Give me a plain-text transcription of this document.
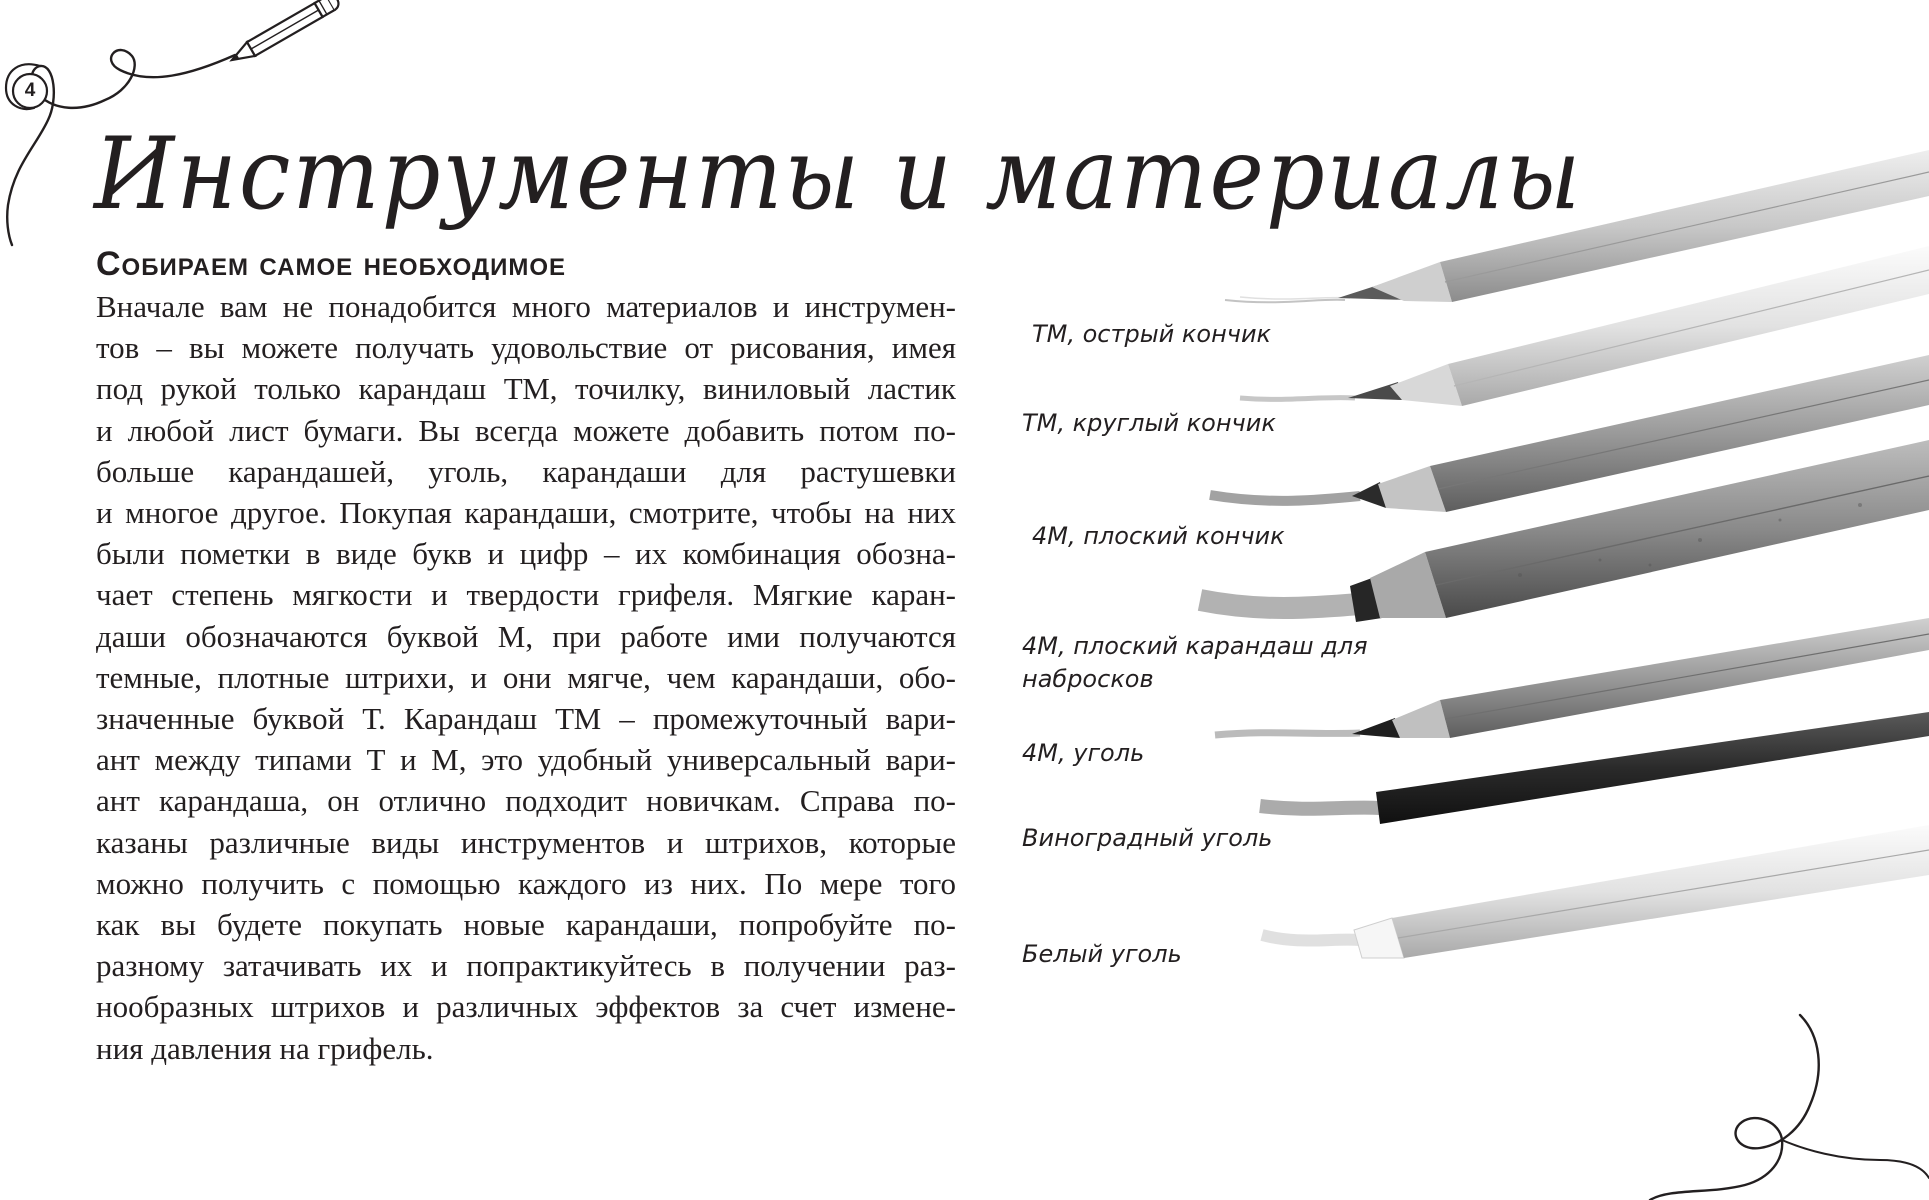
4
Инструменты и материалы
Собираем самое необходимое
Вначале вам не понадобится много материалов и инструмен-
тов – вы можете получать удовольствие от рисования, имея
под рукой только карандаш ТМ, точилку, виниловый ластик
и любой лист бумаги. Вы всегда можете добавить потом по-
больше карандашей, уголь, карандаши для растушевки
и многое другое. Покупая карандаши, смотрите, чтобы на них
были пометки в виде букв и цифр – их комбинация обозна-
чает степень мягкости и твердости грифеля. Мягкие каран-
даши обозначаются буквой М, при работе ими получаются
темные, плотные штрихи, и они мягче, чем карандаши, обо-
значенные буквой Т. Карандаш ТМ – промежуточный вари-
ант между типами Т и М, это удобный универсальный вари-
ант карандаша, он отлично подходит новичкам. Справа по-
казаны различные виды инструментов и штрихов, которые
можно получить с помощью каждого из них. По мере того
как вы будете покупать новые карандаши, попробуйте по-
разному затачивать их и попрактикуйтесь в получении раз-
нообразных штрихов и различных эффектов за счет измене-
ния давления на грифель.

ТМ, острый кончик

ТМ, круглый кончик

4М, плоский кончик

4М, плоский карандаш для

набросков

4М, уголь

Виноградный уголь

Белый уголь
